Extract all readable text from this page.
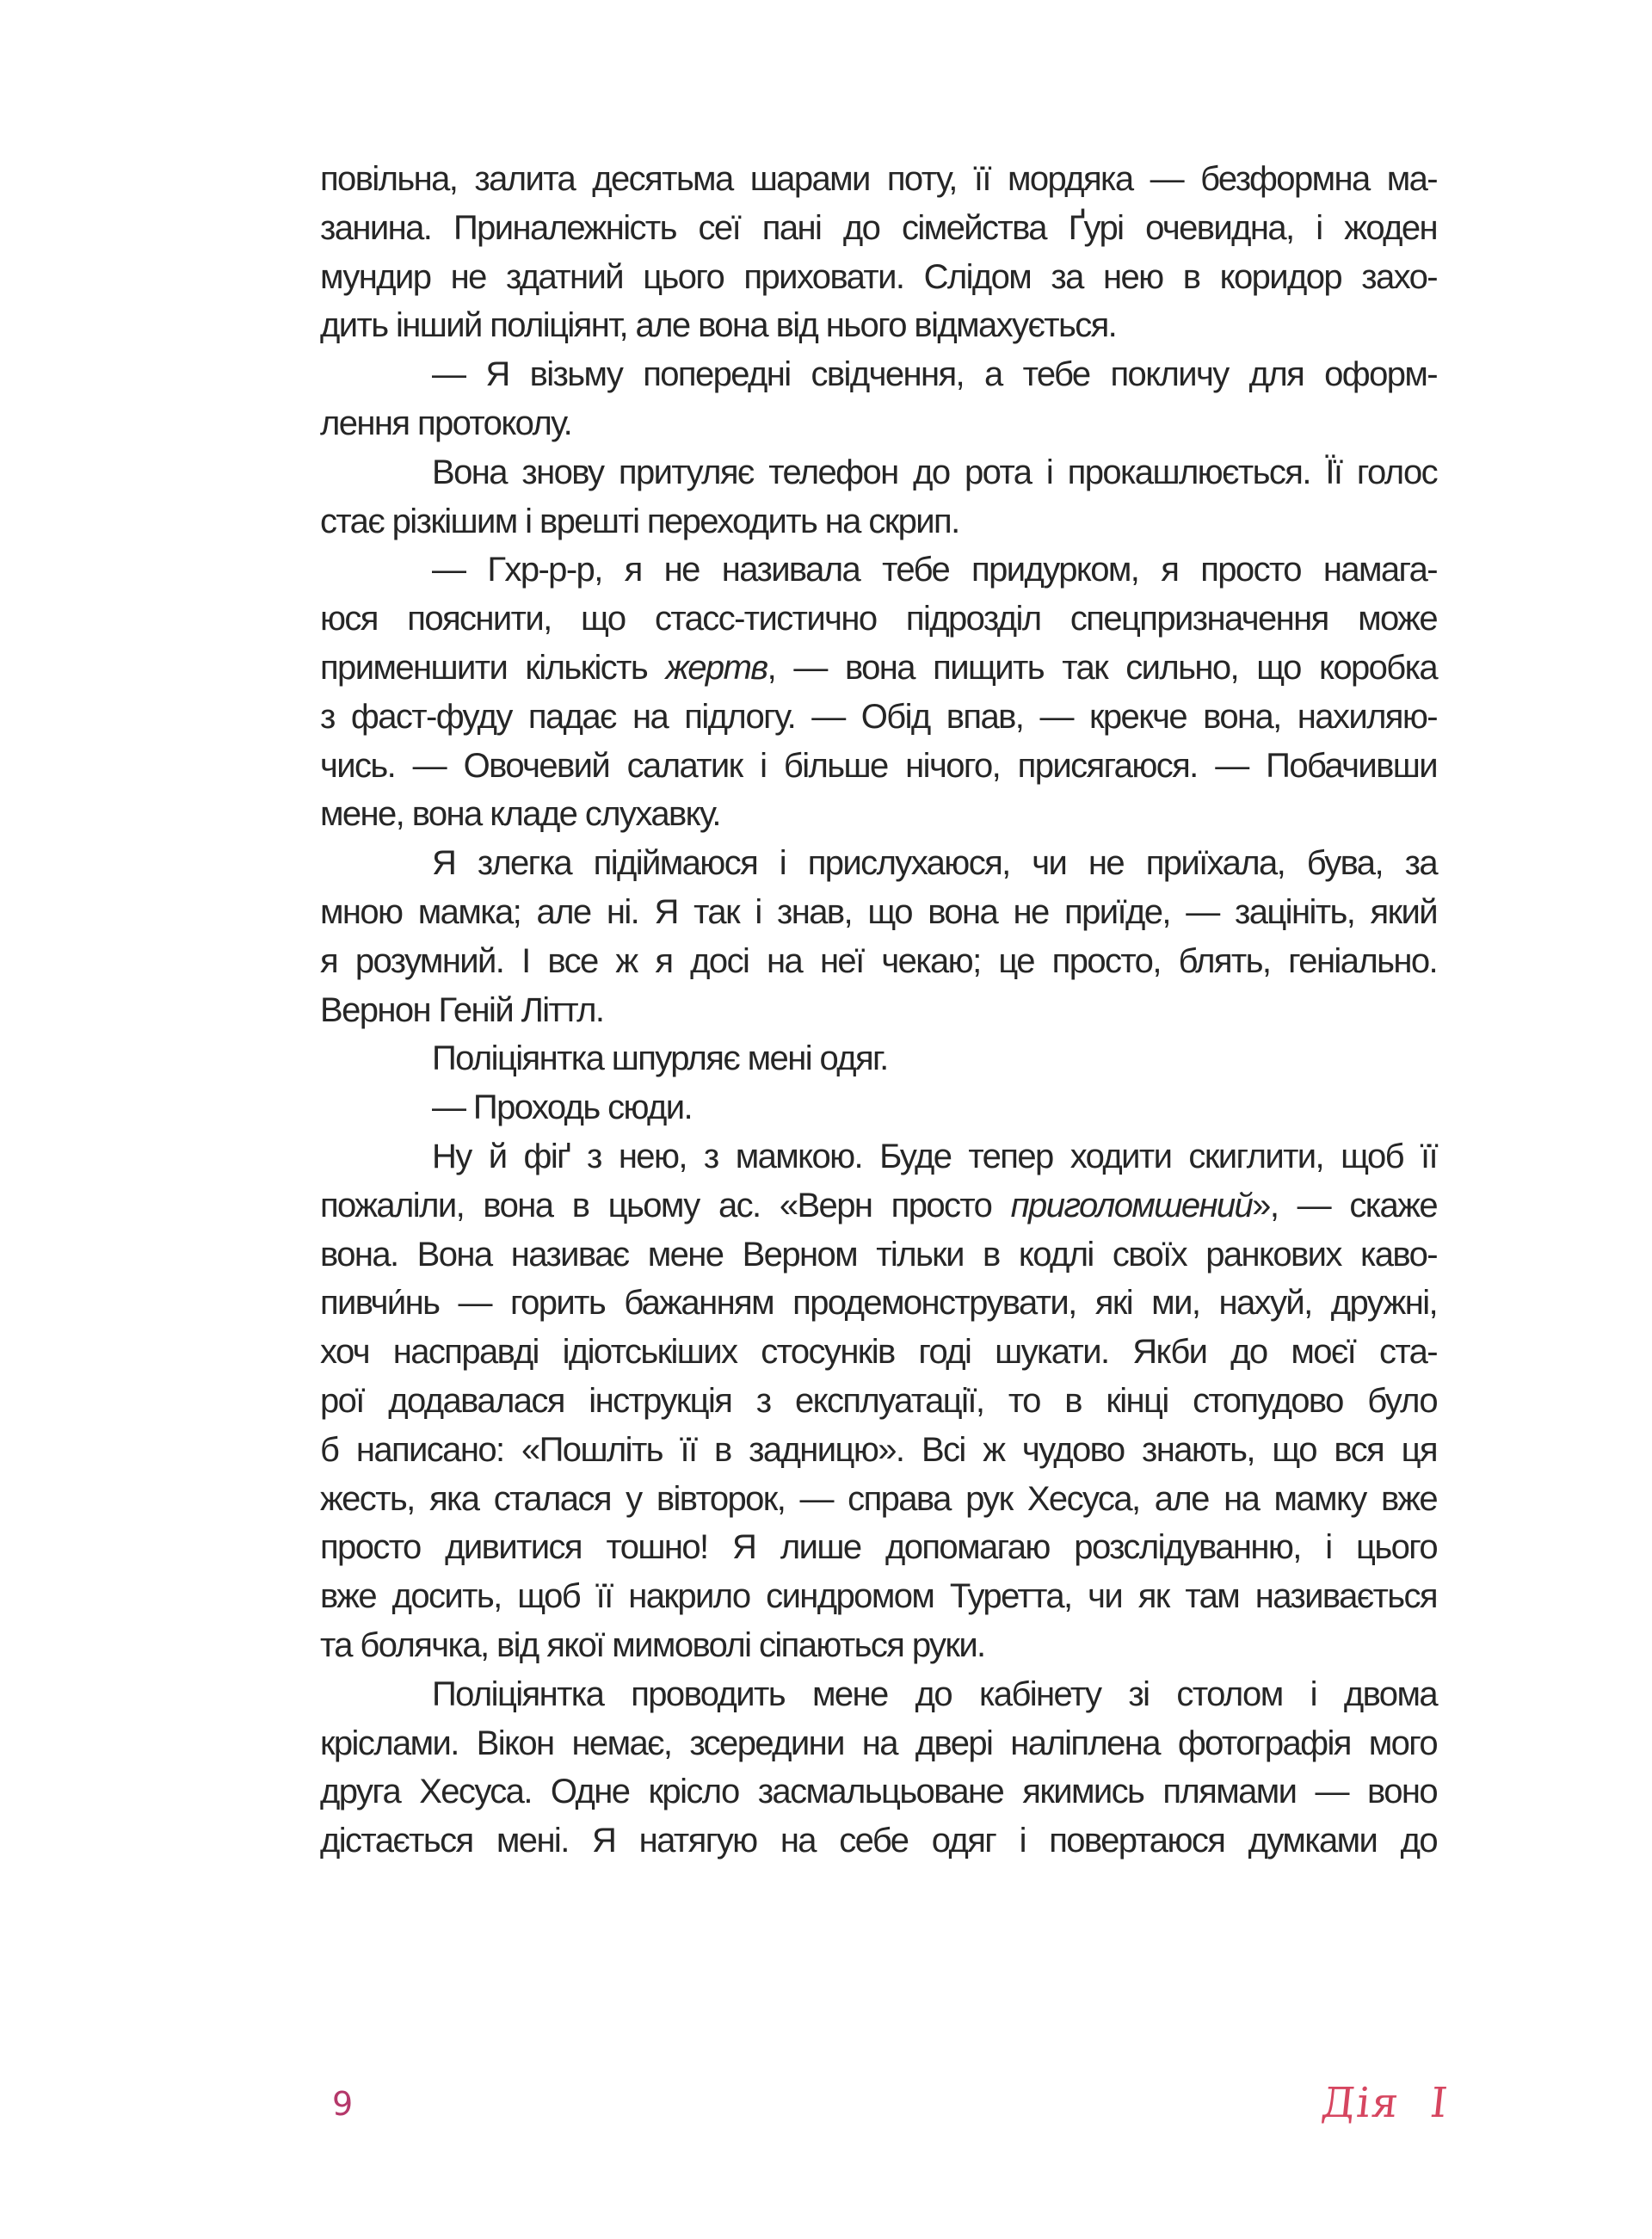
повільна, залита десятьма шарами поту, її мордяка — безформна ма-
занина. Приналежність сеї пані до сімейства Ґурі очевидна, і жоден
мундир не здатний цього приховати. Слідом за нею в коридор захо-
дить інший поліціянт, але вона від нього відмахується.
— Я візьму попередні свідчення, а тебе покличу для оформ-
лення протоколу.
Вона знову притуляє телефон до рота і прокашлюється. Її голос
стає різкішим і врешті переходить на скрип.
— Гхр-р-р, я не називала тебе придурком, я просто намага-
юся пояснити, що стасс-тистично підрозділ спецпризначення може
применшити кількість жертв, — вона пищить так сильно, що коробка
з фаст-фуду падає на підлогу. — Обід впав, — крекче вона, нахиляю-
чись. — Овочевий салатик і більше нічого, присягаюся. — Побачивши
мене, вона кладе слухавку.
Я злегка підіймаюся і прислухаюся, чи не приїхала, бува, за
мною мамка; але ні. Я так і знав, що вона не приїде, — зацініть, який
я розумний. І все ж я досі на неї чекаю; це просто, блять, геніально.
Вернон Геній Літтл.
Поліціянтка шпурляє мені одяг.
— Проходь сюди.
Ну й фіґ з нею, з мамкою. Буде тепер ходити скиглити, щоб її
пожаліли, вона в цьому ас. «Верн просто приголомшений», — скаже
вона. Вона називає мене Верном тільки в кодлі своїх ранкових каво-
пивчи́нь — горить бажанням продемонструвати, які ми, нахуй, дружні,
хоч насправді ідіотськіших стосунків годі шукати. Якби до моєї ста-
рої додавалася інструкція з експлуатації, то в кінці стопудово було
б написано: «Пошліть її в задницю». Всі ж чудово знають, що вся ця
жесть, яка сталася у вівторок, — справа рук Хесуса, але на мамку вже
просто дивитися тошно! Я лише допомагаю розслідуванню, і цього
вже досить, щоб її накрило синдромом Туретта, чи як там називається
та болячка, від якої мимоволі сіпаються руки.
Поліціянтка проводить мене до кабінету зі столом і двома
кріслами. Вікон немає, зсередини на двері наліплена фотографія мого
друга Хесуса. Одне крісло засмальцьоване якимись плямами — воно
дістається мені. Я натягую на себе одяг і повертаюся думками до
9	Дія I
